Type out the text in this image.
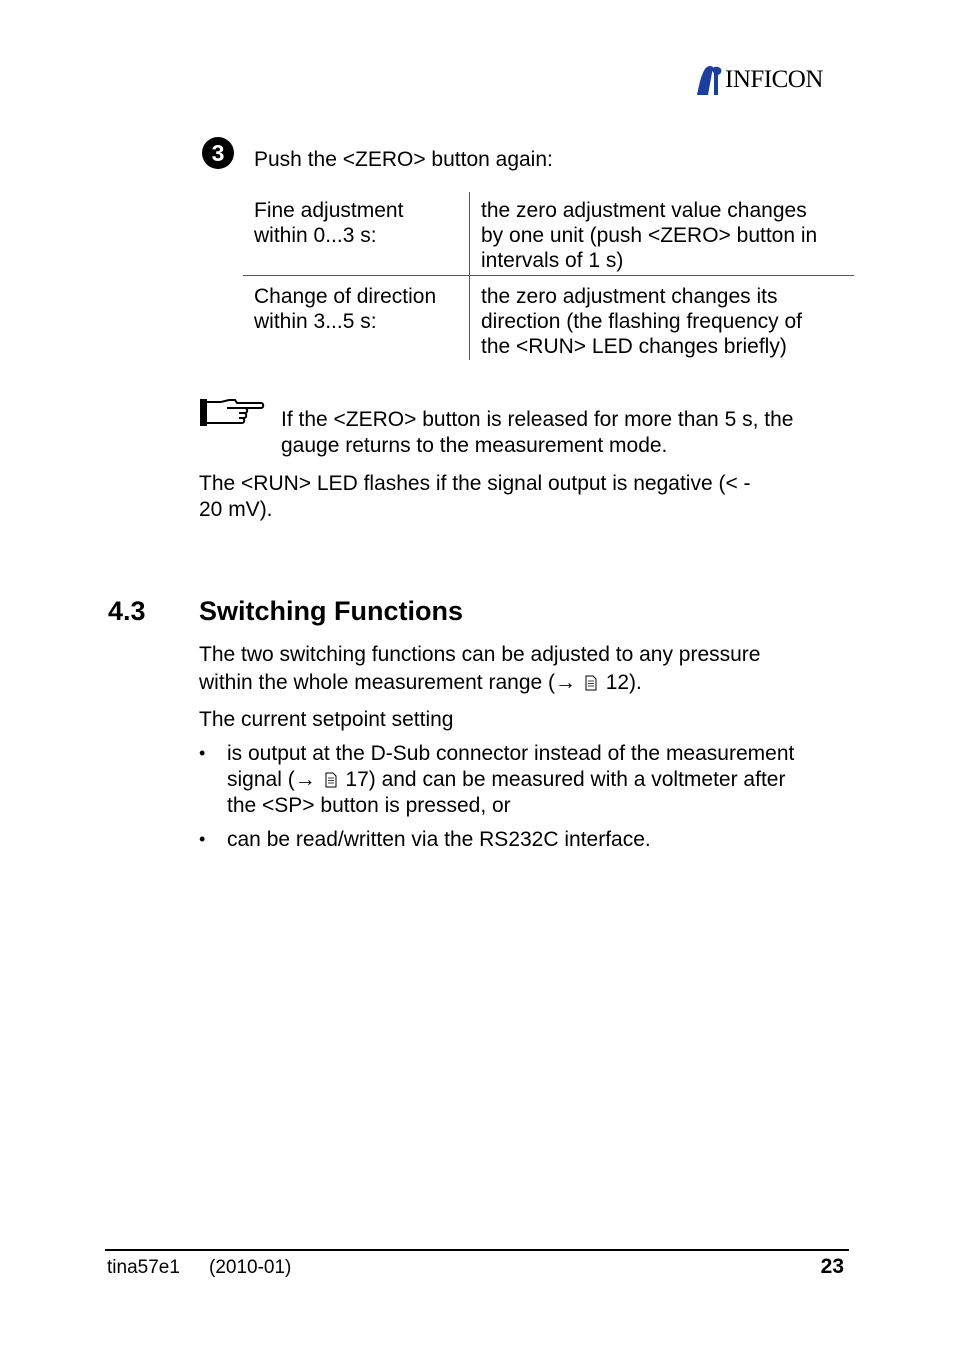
INFICON
3	Push the <ZERO> button again:
Fine adjustment
within 0...3 s:
the zero adjustment value changes
by one unit (push <ZERO> button in
intervals of 1 s)
Change of direction
within 3...5 s:
the zero adjustment changes its
direction (the flashing frequency of
the <RUN> LED changes briefly)
If the <ZERO> button is released for more than 5 s, the
gauge returns to the measurement mode.
The <RUN> LED flashes if the signal output is negative (< -
20 mV).
4.3 Switching Functions
The two switching functions can be adjusted to any pressure
within the whole measurement range (→ 12).
The current setpoint setting
• is output at the D-Sub connector instead of the measurement
signal (→ 17) and can be measured with a voltmeter after
the <SP> button is pressed, or
• can be read/written via the RS232C interface.
tina57e1 (2010-01)	23
